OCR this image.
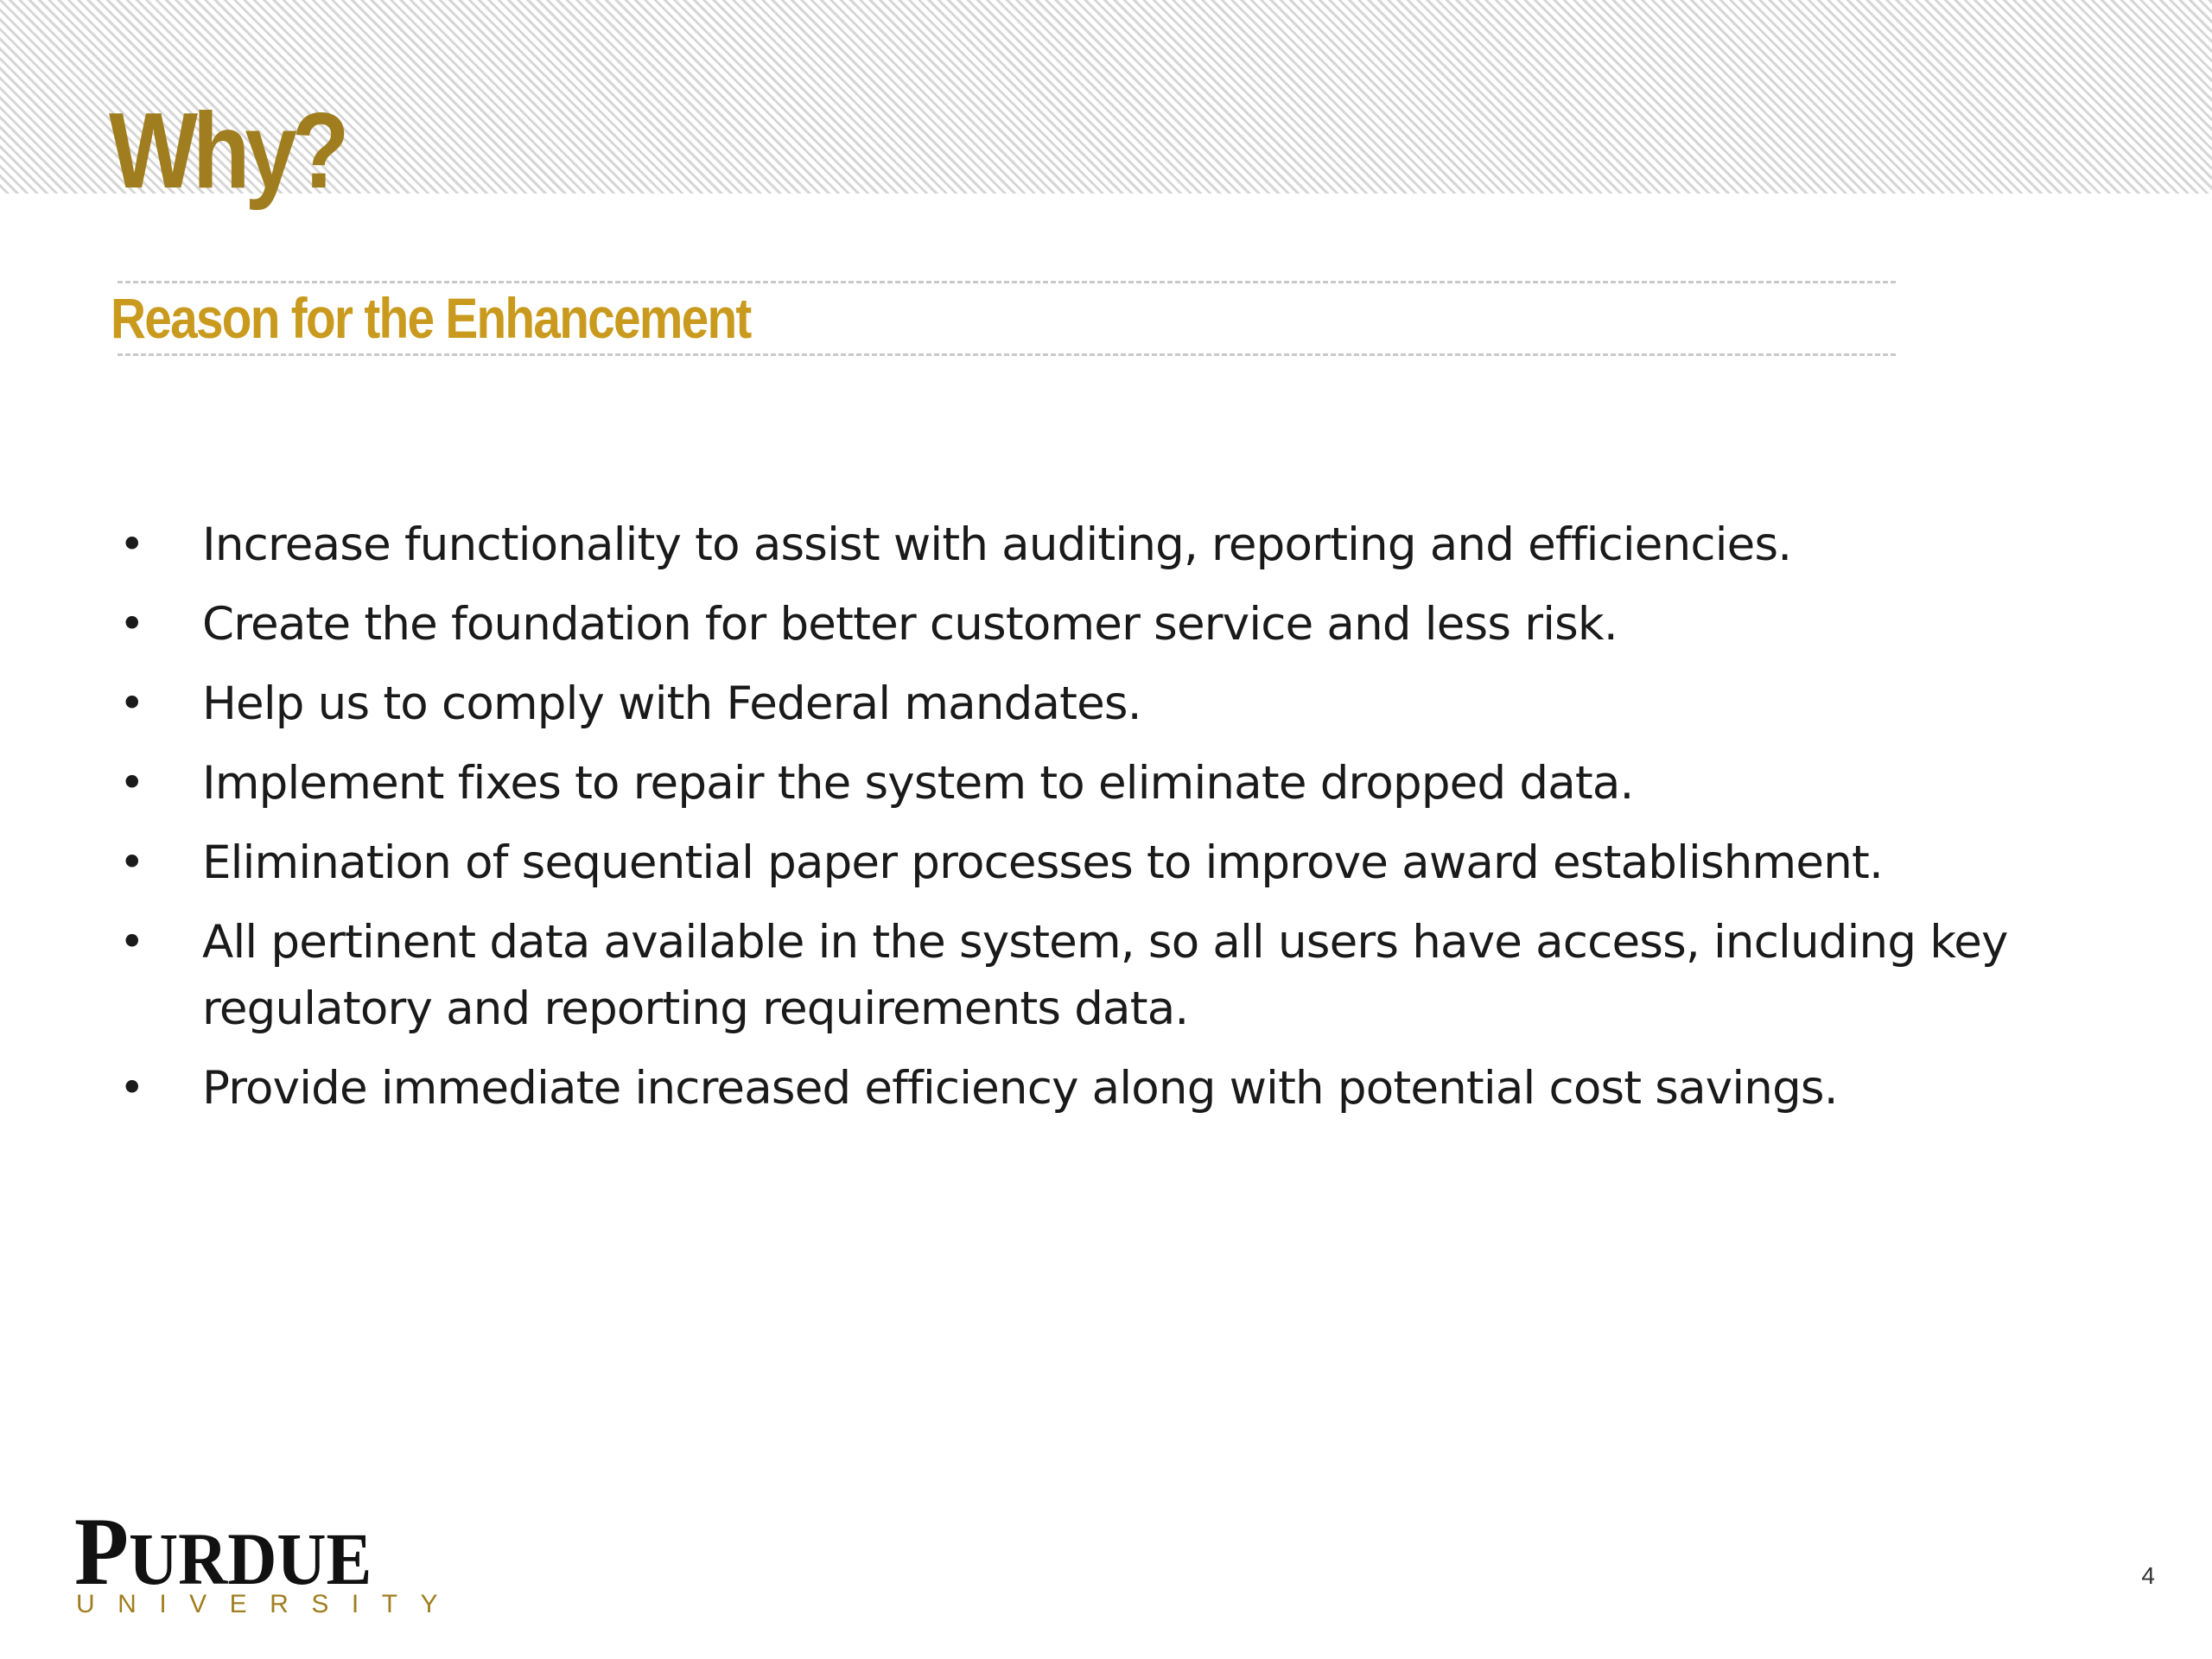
Why?
Reason for the Enhancement
• Increase functionality to assist with auditing, reporting and efficiencies.
• Create the foundation for better customer service and less risk.
• Help us to comply with Federal mandates.
• Implement fixes to repair the system to eliminate dropped data.
• Elimination of sequential paper processes to improve award establishment.
• All pertinent data available in the system, so all users have access, including key regulatory and reporting requirements data.
• Provide immediate increased efficiency along with potential cost savings.
PURDUE
UNIVERSITY
4
